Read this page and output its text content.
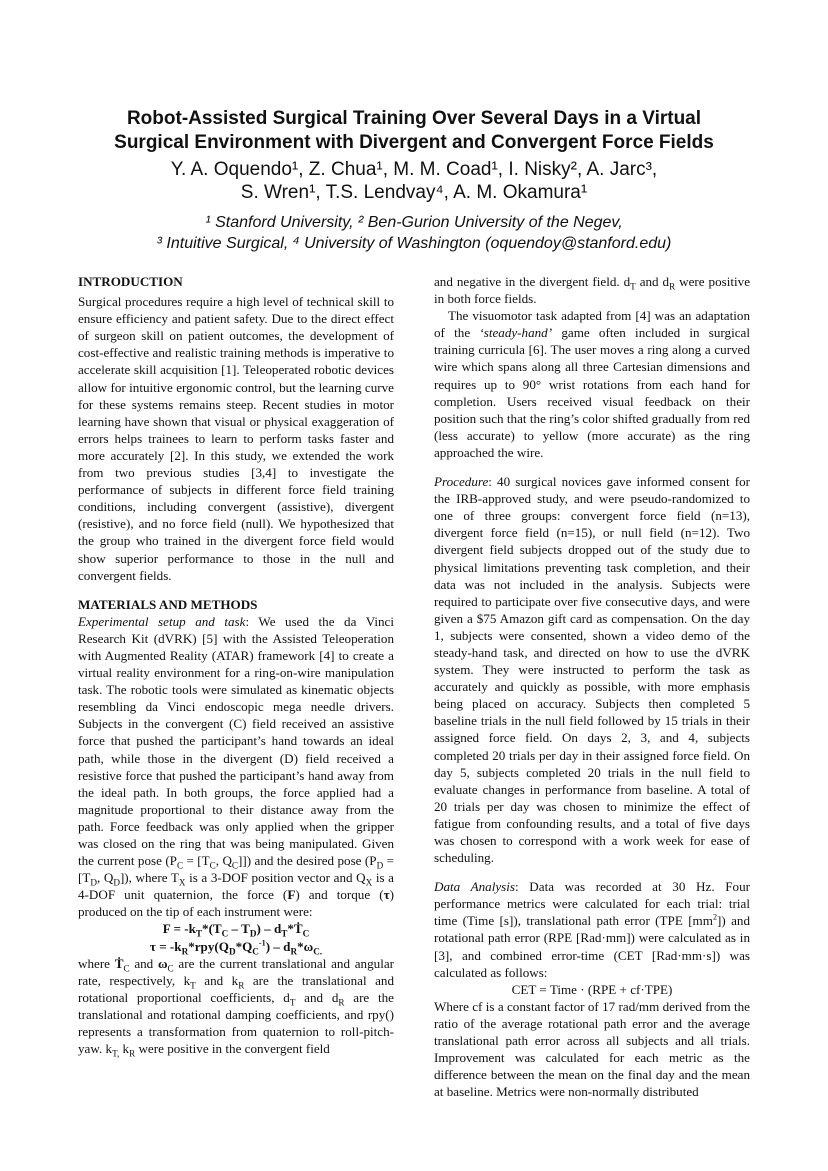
Robot-Assisted Surgical Training Over Several Days in a Virtual
Surgical Environment with Divergent and Convergent Force Fields
Y. A. Oquendo¹, Z. Chua¹, M. M. Coad¹, I. Nisky², A. Jarc³,
S. Wren¹, T.S. Lendvay⁴, A. M. Okamura¹
¹ Stanford University, ² Ben-Gurion University of the Negev,
³ Intuitive Surgical, ⁴ University of Washington (oquendoy@stanford.edu)
INTRODUCTION

Surgical procedures require a high level of technical skill to ensure efficiency and patient safety. Due to the direct effect of surgeon skill on patient outcomes, the development of cost-effective and realistic training methods is imperative to accelerate skill acquisition [1]. Teleoperated robotic devices allow for intuitive ergonomic control, but the learning curve for these systems remains steep. Recent studies in motor learning have shown that visual or physical exaggeration of errors helps trainees to learn to perform tasks faster and more accurately [2]. In this study, we extended the work from two previous studies [3,4] to investigate the performance of subjects in different force field training conditions, including convergent (assistive), divergent (resistive), and no force field (null). We hypothesized that the group who trained in the divergent force field would show superior performance to those in the null and convergent fields.

MATERIALS AND METHODS

Experimental setup and task: We used the da Vinci Research Kit (dVRK) [5] with the Assisted Teleoperation with Augmented Reality (ATAR) framework [4] to create a virtual reality environment for a ring-on-wire manipulation task. The robotic tools were simulated as kinematic objects resembling da Vinci endoscopic mega needle drivers. Subjects in the convergent (C) field received an assistive force that pushed the participant’s hand towards an ideal path, while those in the divergent (D) field received a resistive force that pushed the participant’s hand away from the ideal path. In both groups, the force applied had a magnitude proportional to their distance away from the path. Force feedback was only applied when the gripper was closed on the ring that was being manipulated. Given the current pose ($P_C = [T_C$, $Q_C$]]) and the desired pose ($P_D = [T_D$, $Q_D$]), where $T_X$ is a 3-DOF position vector and $Q_X$ is a 4-DOF unit quaternion, the force (F) and torque (τ) produced on the tip of each instrument were:

$F = -k_T*(T_C - T_D)$ – $d_T*Ṫ_C$

$\tau = -k_R*rpy(Q_D*Q_C^{-1}) - d_R*\omega_{C.}$

where Ṫ$_C$ and $\omega_C$ are the current translational and angular rate, respectively, $k_T$ and $k_R$ are the translational and rotational proportional coefficients, $d_T$ and $d_R$ are the translational and rotational damping coefficients, and rpy() represents a transformation from quaternion to roll-pitch-yaw. $k_{T,}$ $k_R$ were positive in the convergent field

and negative in the divergent field. $d_T$ and $d_R$ were positive in both force fields.

The visuomotor task adapted from [4] was an adaptation of the ‘steady-hand’ game often included in surgical training curricula [6]. The user moves a ring along a curved wire which spans along all three Cartesian dimensions and requires up to 90° wrist rotations from each hand for completion. Users received visual feedback on their position such that the ring’s color shifted gradually from red (less accurate) to yellow (more accurate) as the ring approached the wire.

Procedure: 40 surgical novices gave informed consent for the IRB-approved study, and were pseudo-randomized to one of three groups: convergent force field (n=13), divergent force field (n=15), or null field (n=12). Two divergent field subjects dropped out of the study due to physical limitations preventing task completion, and their data was not included in the analysis. Subjects were required to participate over five consecutive days, and were given a $75 Amazon gift card as compensation. On the day 1, subjects were consented, shown a video demo of the steady-hand task, and directed on how to use the dVRK system. They were instructed to perform the task as accurately and quickly as possible, with more emphasis being placed on accuracy. Subjects then completed 5 baseline trials in the null field followed by 15 trials in their assigned force field. On days 2, 3, and 4, subjects completed 20 trials per day in their assigned force field. On day 5, subjects completed 20 trials in the null field to evaluate changes in performance from baseline. A total of 20 trials per day was chosen to minimize the effect of fatigue from confounding results, and a total of five days was chosen to correspond with a work week for ease of scheduling.

Data Analysis: Data was recorded at 30 Hz. Four performance metrics were calculated for each trial: trial time (Time [s]), translational path error (TPE $[mm^2]$) and rotational path error (RPE [Rad·mm]) were calculated as in [3], and combined error-time (CET [Rad·mm·s]) was calculated as follows:

CET = Time · (RPE + cf·TPE)

Where cf is a constant factor of 17 rad/mm derived from the ratio of the average rotational path error and the average translational path error across all subjects and all trials. Improvement was calculated for each metric as the difference between the mean on the final day and the mean at baseline. Metrics were non-normally distributed
